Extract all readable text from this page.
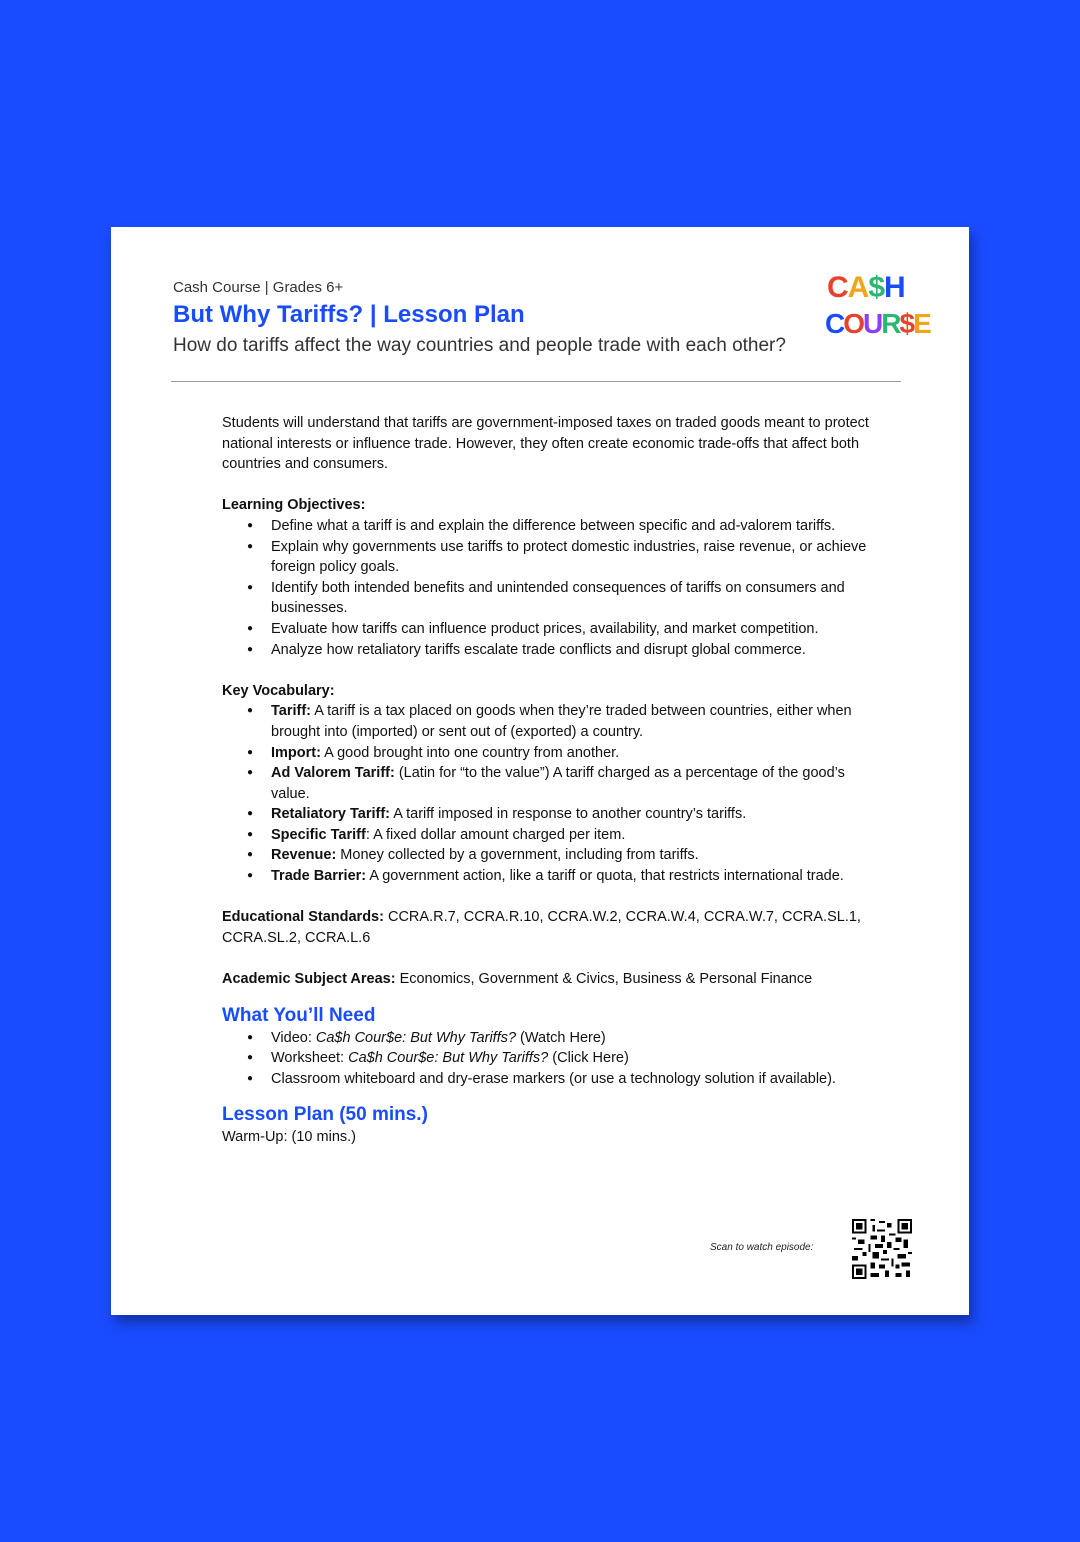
Cash Course | Grades 6+
But Why Tariffs? | Lesson Plan
How do tariffs affect the way countries and people trade with each other?
CA$H
COUR$E

Students will understand that tariffs are government-imposed taxes on traded goods meant to protect national interests or influence trade. However, they often create economic trade-offs that affect both countries and consumers.

Learning Objectives:

● Define what a tariff is and explain the difference between specific and ad-valorem tariffs.
● Explain why governments use tariffs to protect domestic industries, raise revenue, or achieve foreign policy goals.
● Identify both intended benefits and unintended consequences of tariffs on consumers and businesses.
● Evaluate how tariffs can influence product prices, availability, and market competition.
● Analyze how retaliatory tariffs escalate trade conflicts and disrupt global commerce.

Key Vocabulary:

● Tariff: A tariff is a tax placed on goods when they’re traded between countries, either when brought into (imported) or sent out of (exported) a country.
● Import: A good brought into one country from another.
● Ad Valorem Tariff: (Latin for “to the value”) A tariff charged as a percentage of the good’s value.
● Retaliatory Tariff: A tariff imposed in response to another country’s tariffs.
● Specific Tariff: A fixed dollar amount charged per item.
● Revenue: Money collected by a government, including from tariffs.
● Trade Barrier: A government action, like a tariff or quota, that restricts international trade.

Educational Standards: CCRA.R.7, CCRA.R.10, CCRA.W.2, CCRA.W.4, CCRA.W.7, CCRA.SL.1, CCRA.SL.2, CCRA.L.6

Academic Subject Areas: Economics, Government & Civics, Business & Personal Finance

What You’ll Need
● Video: Ca$h Cour$e: But Why Tariffs? (Watch Here)
● Worksheet: Ca$h Cour$e: But Why Tariffs? (Click Here)
● Classroom whiteboard and dry-erase markers (or use a technology solution if available).
Lesson Plan (50 mins.)

Warm-Up: (10 mins.)

Scan to watch episode:
